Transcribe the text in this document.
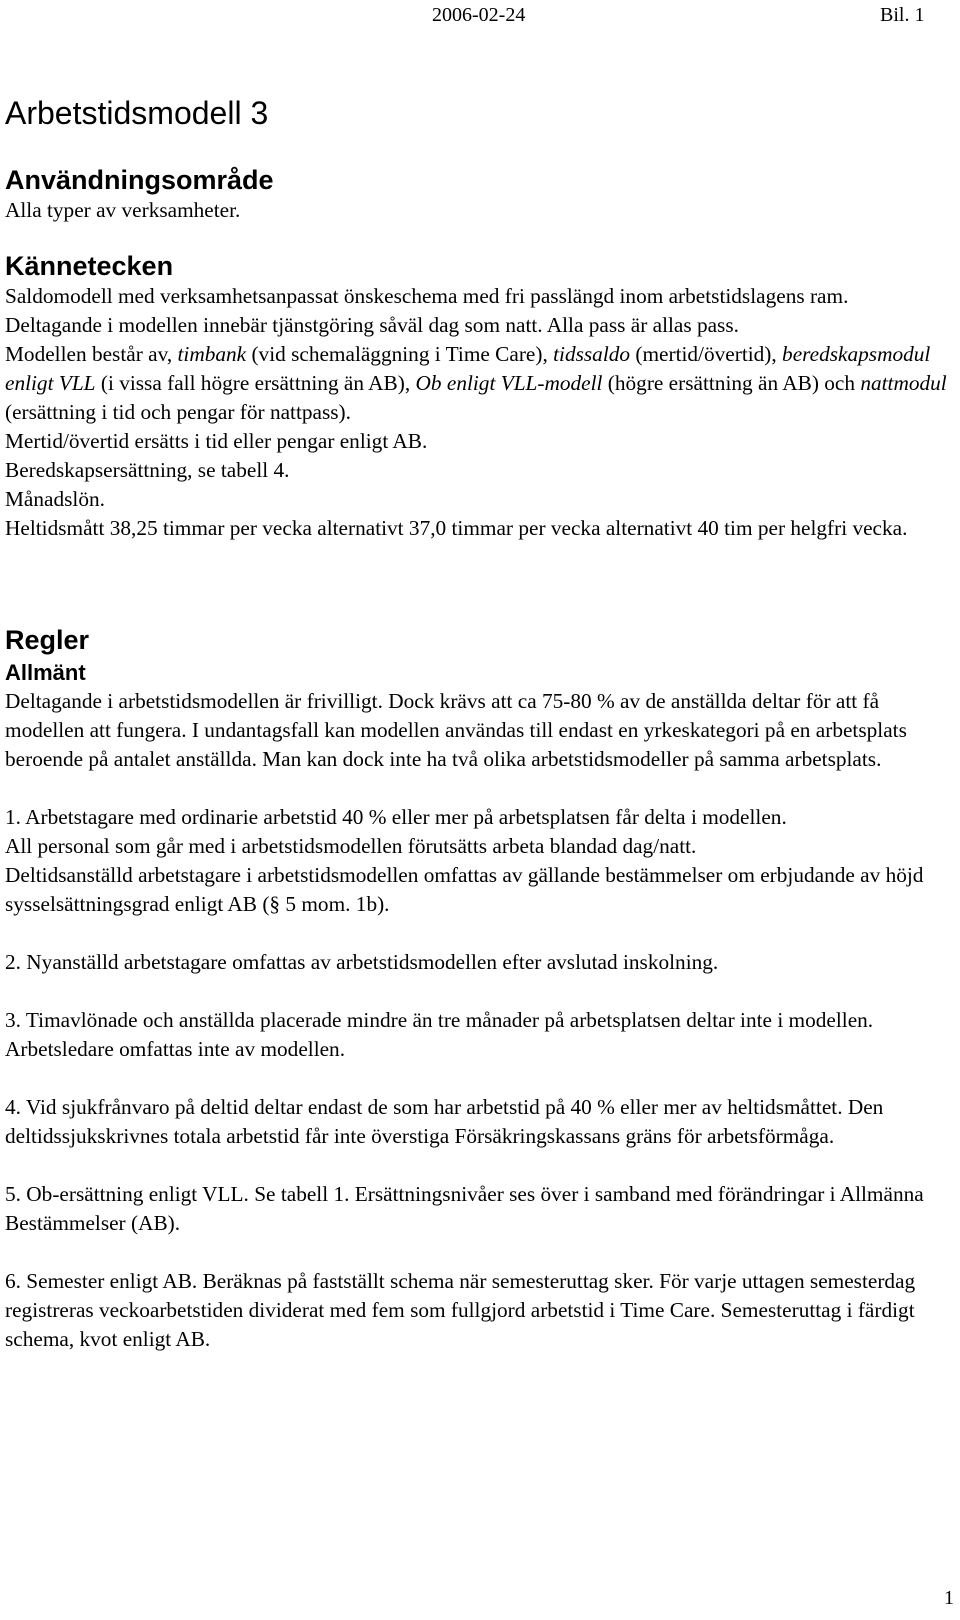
2006-02-24	Bil. 1
Arbetstidsmodell 3
Användningsområde

Alla typer av verksamheter.

Kännetecken

Saldomodell med verksamhetsanpassat önskeschema med fri passlängd inom arbetstidslagens ram.

Deltagande i modellen innebär tjänstgöring såväl dag som natt. Alla pass är allas pass.

Modellen består av, timbank (vid schemaläggning i Time Care), tidssaldo (mertid/övertid), beredskapsmodul enligt VLL (i vissa fall högre ersättning än AB), Ob enligt VLL-modell (högre ersättning än AB) och nattmodul (ersättning i tid och pengar för nattpass).

Mertid/övertid ersätts i tid eller pengar enligt AB.

Beredskapsersättning, se tabell 4.

Månadslön.

Heltidsmått 38,25 timmar per vecka alternativt 37,0 timmar per vecka alternativt 40 tim per helgfri vecka.

Regler
Allmänt

Deltagande i arbetstidsmodellen är frivilligt. Dock krävs att ca 75-80 % av de anställda deltar för att få modellen att fungera. I undantagsfall kan modellen användas till endast en yrkeskategori på en arbetsplats beroende på antalet anställda. Man kan dock inte ha två olika arbetstidsmodeller på samma arbetsplats.

1. Arbetstagare med ordinarie arbetstid 40 % eller mer på arbetsplatsen får delta i modellen.

All personal som går med i arbetstidsmodellen förutsätts arbeta blandad dag/natt.

Deltidsanställd arbetstagare i arbetstidsmodellen omfattas av gällande bestämmelser om erbjudande av höjd sysselsättningsgrad enligt AB (§ 5 mom. 1b).

2. Nyanställd arbetstagare omfattas av arbetstidsmodellen efter avslutad inskolning.

3. Timavlönade och anställda placerade mindre än tre månader på arbetsplatsen deltar inte i modellen.

Arbetsledare omfattas inte av modellen.

4. Vid sjukfrånvaro på deltid deltar endast de som har arbetstid på 40 % eller mer av heltidsmåttet. Den deltidssjukskrivnes totala arbetstid får inte överstiga Försäkringskassans gräns för arbetsförmåga.

5. Ob-ersättning enligt VLL. Se tabell 1. Ersättningsnivåer ses över i samband med förändringar i Allmänna Bestämmelser (AB).

6. Semester enligt AB. Beräknas på fastställt schema när semesteruttag sker. För varje uttagen semesterdag registreras veckoarbetstiden dividerat med fem som fullgjord arbetstid i Time Care. Semesteruttag i färdigt schema, kvot enligt AB.

1
